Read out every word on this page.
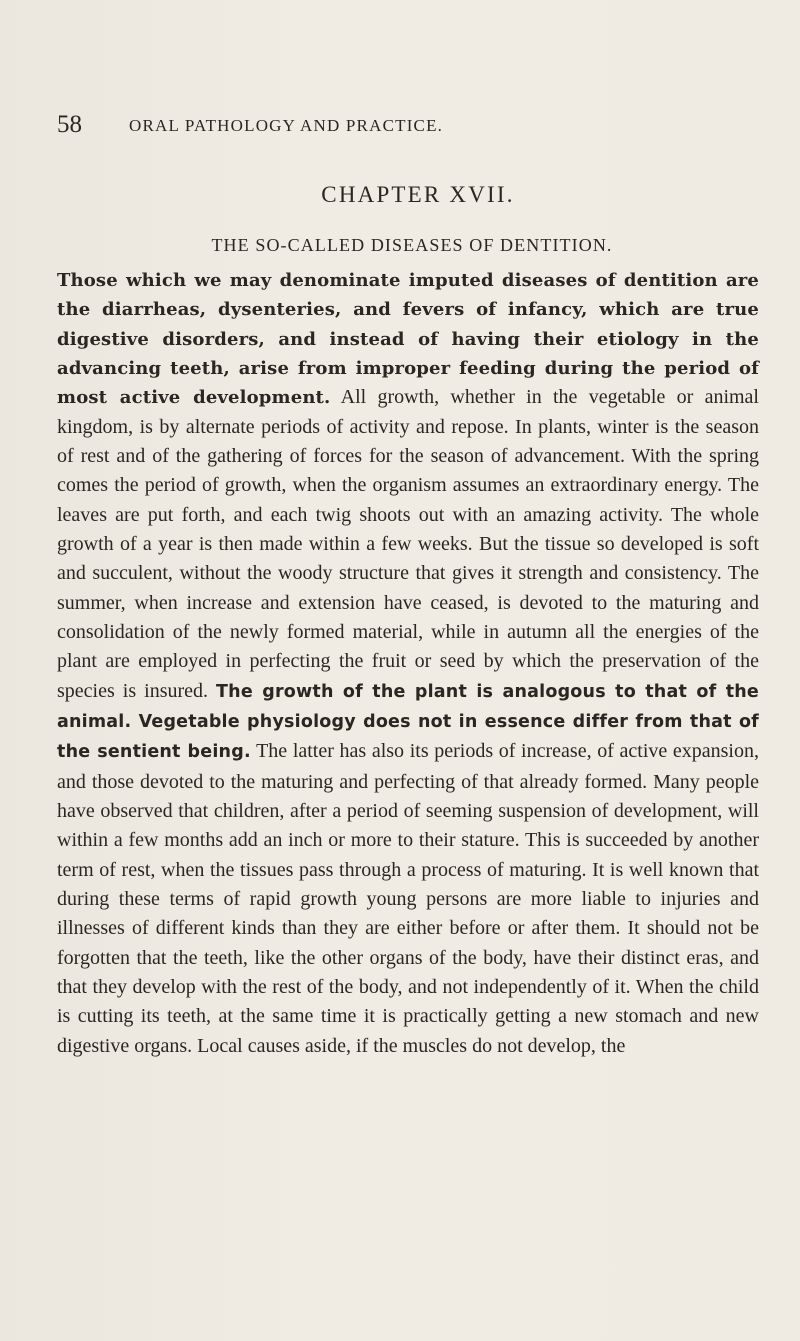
58	ORAL PATHOLOGY AND PRACTICE.
CHAPTER XVII.
THE SO-CALLED DISEASES OF DENTITION.

Those which we may denominate imputed diseases of dentition are the diarrheas, dysenteries, and fevers of infancy, which are true digestive disorders, and instead of having their etiology in the advancing teeth, arise from improper feeding during the period of most active development. All growth, whether in the vegetable or animal kingdom, is by alternate periods of activity and repose. In plants, winter is the season of rest and of the gathering of forces for the season of advancement. With the spring comes the period of growth, when the organism assumes an extraordinary energy. The leaves are put forth, and each twig shoots out with an amazing activity. The whole growth of a year is then made within a few weeks. But the tissue so developed is soft and succulent, without the woody structure that gives it strength and consistency. The summer, when increase and extension have ceased, is devoted to the maturing and consolidation of the newly formed material, while in autumn all the energies of the plant are employed in perfecting the fruit or seed by which the preservation of the species is insured. The growth of the plant is analogous to that of the animal. Vegetable physiology does not in essence differ from that of the sentient being. The latter has also its periods of increase, of active expansion, and those devoted to the maturing and perfecting of that already formed. Many people have observed that children, after a period of seeming suspension of development, will within a few months add an inch or more to their stature. This is succeeded by another term of rest, when the tissues pass through a process of maturing. It is well known that during these terms of rapid growth young persons are more liable to injuries and illnesses of different kinds than they are either before or after them. It should not be forgotten that the teeth, like the other organs of the body, have their distinct eras, and that they develop with the rest of the body, and not independently of it. When the child is cutting its teeth, at the same time it is practically getting a new stomach and new digestive organs. Local causes aside, if the muscles do not develop, the
